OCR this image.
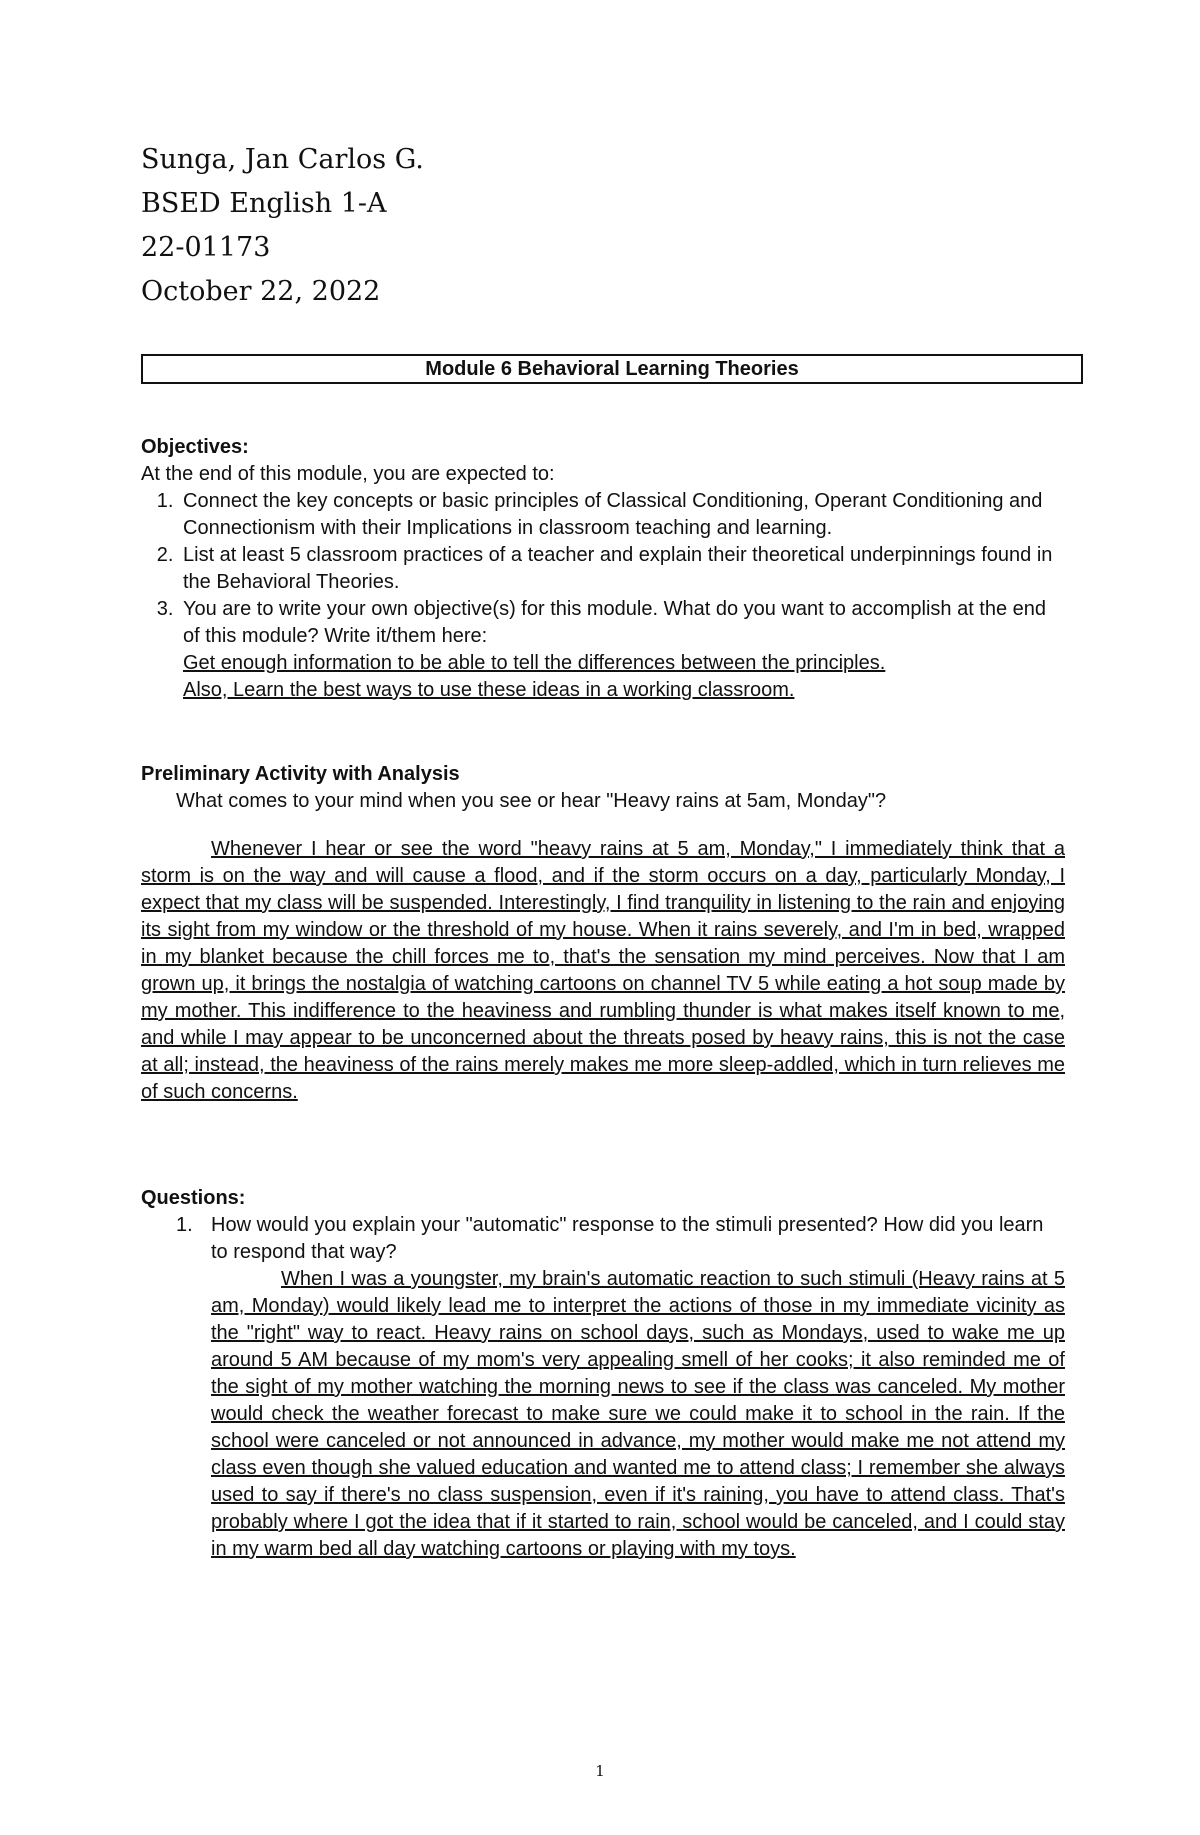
Sunga, Jan Carlos G.
BSED English 1-A
22-01173
October 22, 2022
Module 6 Behavioral Learning Theories
Objectives:
At the end of this module, you are expected to:
1. Connect the key concepts or basic principles of Classical Conditioning, Operant Conditioning and Connectionism with their Implications in classroom teaching and learning.
2. List at least 5 classroom practices of a teacher and explain their theoretical underpinnings found in the Behavioral Theories.
3. You are to write your own objective(s) for this module. What do you want to accomplish at the end of this module? Write it/them here:
Get enough information to be able to tell the differences between the principles.
Also, Learn the best ways to use these ideas in a working classroom.
Preliminary Activity with Analysis
What comes to your mind when you see or hear "Heavy rains at 5am, Monday"?
Whenever I hear or see the word "heavy rains at 5 am, Monday," I immediately think that a storm is on the way and will cause a flood, and if the storm occurs on a day, particularly Monday, I expect that my class will be suspended. Interestingly, I find tranquility in listening to the rain and enjoying its sight from my window or the threshold of my house. When it rains severely, and I'm in bed, wrapped in my blanket because the chill forces me to, that's the sensation my mind perceives. Now that I am grown up, it brings the nostalgia of watching cartoons on channel TV 5 while eating a hot soup made by my mother. This indifference to the heaviness and rumbling thunder is what makes itself known to me, and while I may appear to be unconcerned about the threats posed by heavy rains, this is not the case at all; instead, the heaviness of the rains merely makes me more sleep-addled, which in turn relieves me of such concerns.
Questions:
1. How would you explain your "automatic" response to the stimuli presented? How did you learn to respond that way?
When I was a youngster, my brain's automatic reaction to such stimuli (Heavy rains at 5 am, Monday) would likely lead me to interpret the actions of those in my immediate vicinity as the "right" way to react. Heavy rains on school days, such as Mondays, used to wake me up around 5 AM because of my mom's very appealing smell of her cooks; it also reminded me of the sight of my mother watching the morning news to see if the class was canceled. My mother would check the weather forecast to make sure we could make it to school in the rain. If the school were canceled or not announced in advance, my mother would make me not attend my class even though she valued education and wanted me to attend class; I remember she always used to say if there's no class suspension, even if it's raining, you have to attend class. That's probably where I got the idea that if it started to rain, school would be canceled, and I could stay in my warm bed all day watching cartoons or playing with my toys.
1
